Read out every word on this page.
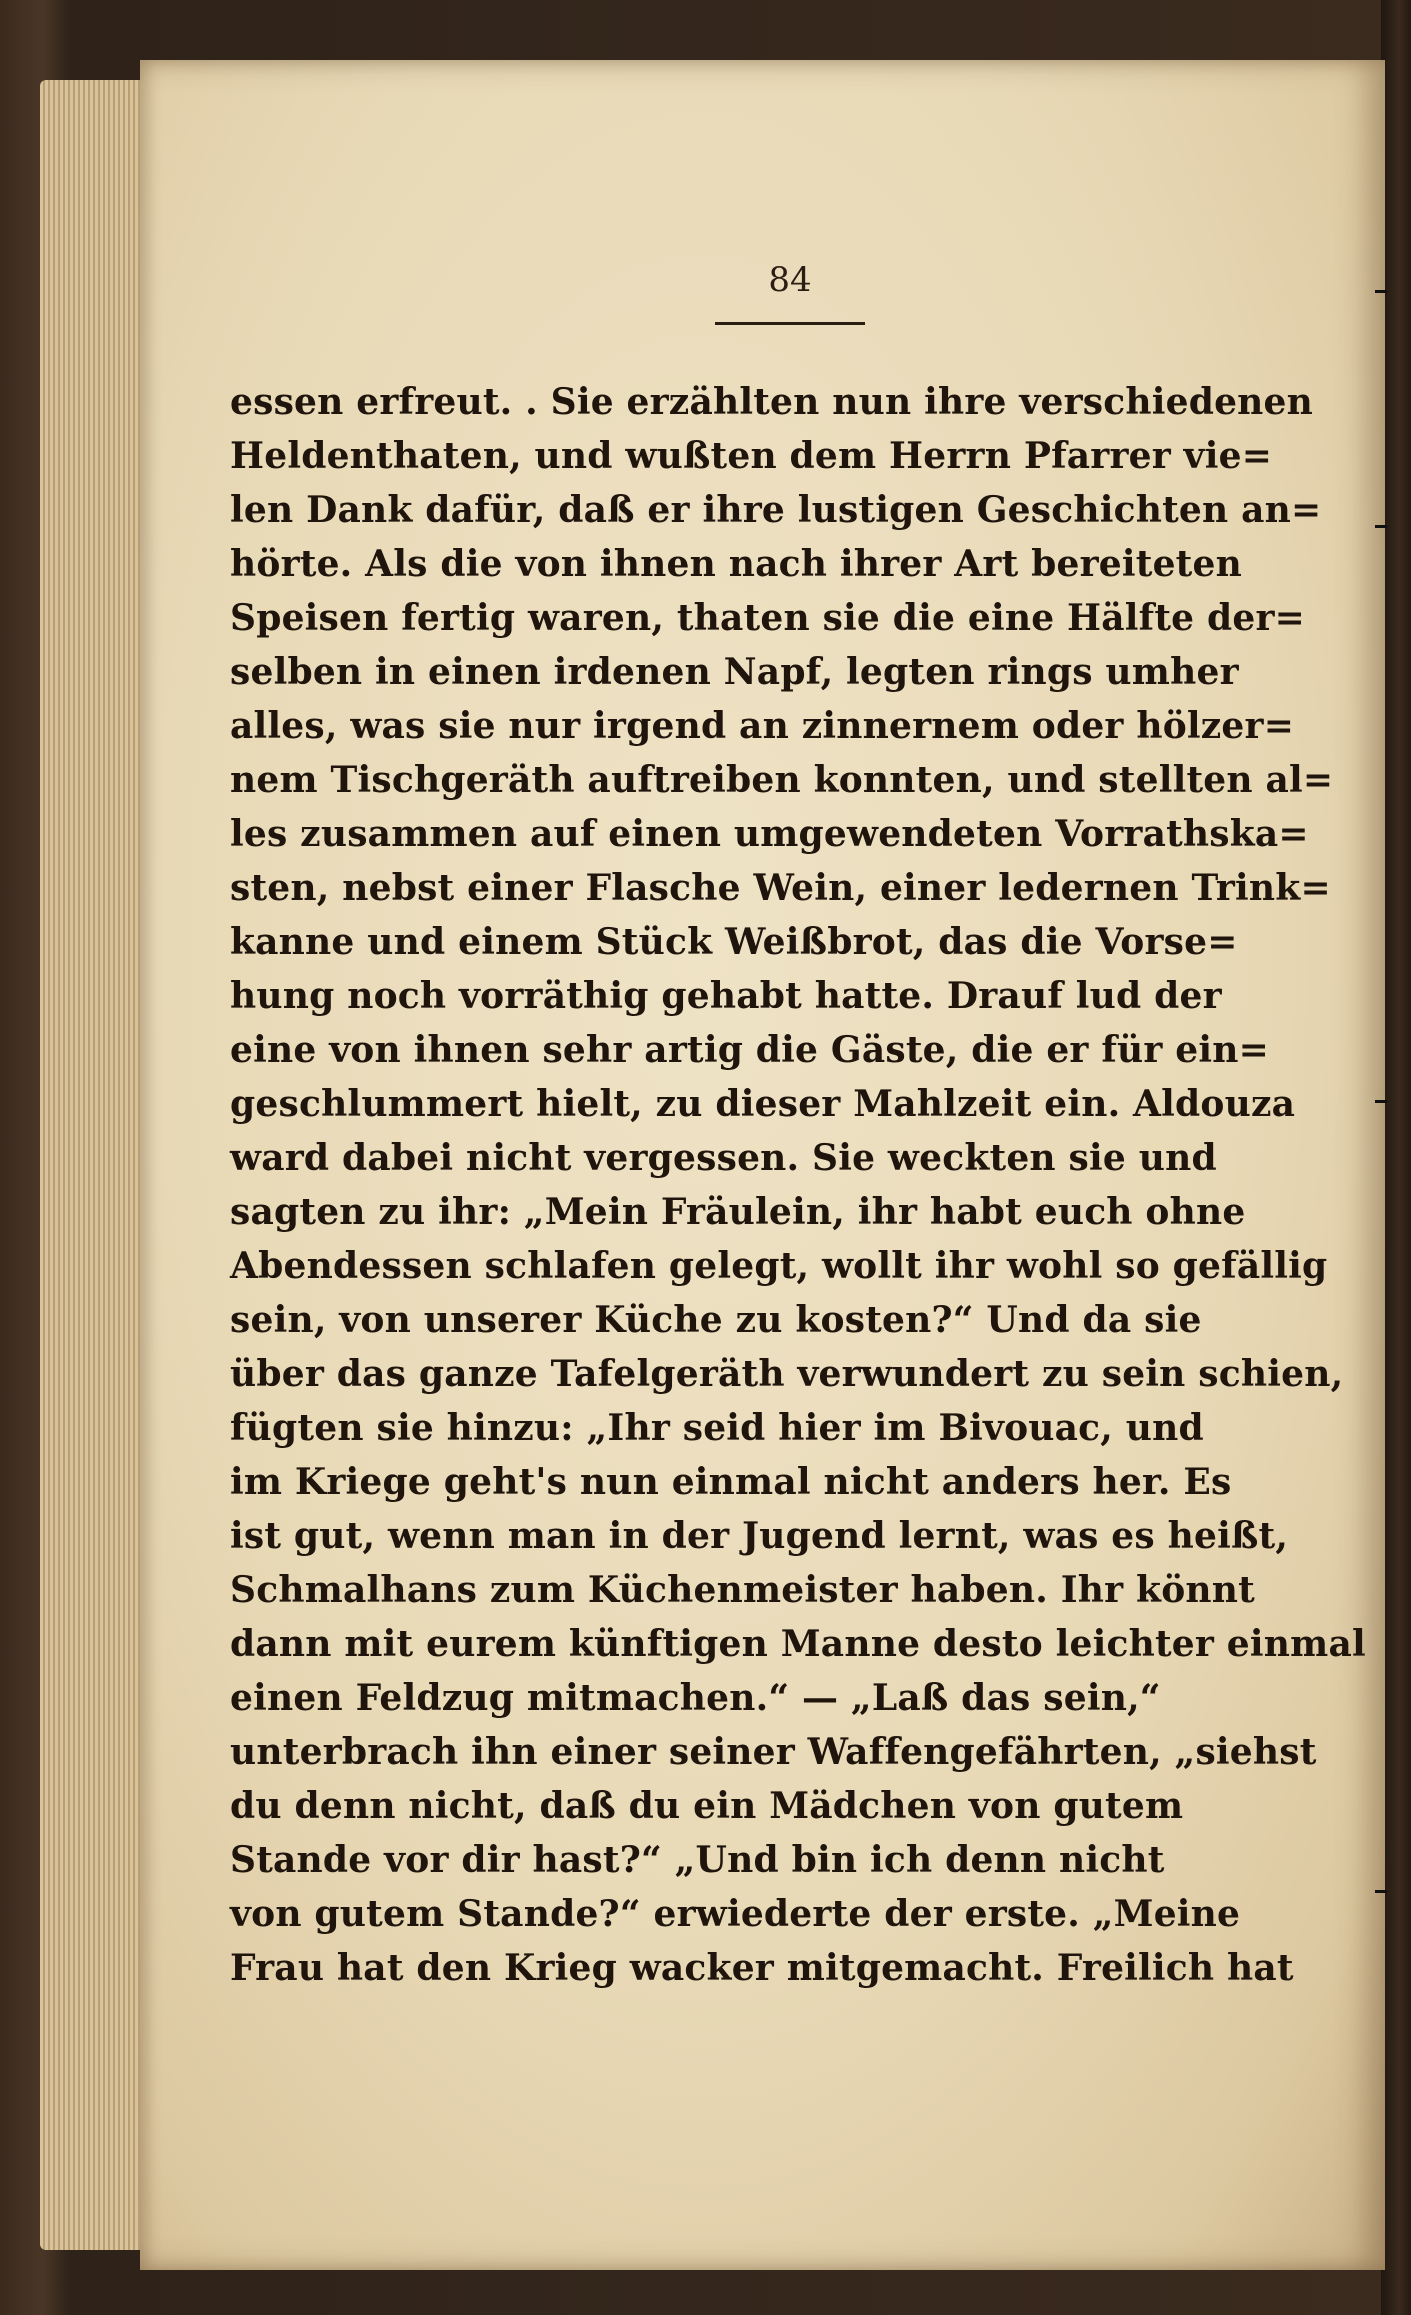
84
essen erfreut. . Sie erzählten nun ihre verschiedenen
Heldenthaten, und wußten dem Herrn Pfarrer vie=
len Dank dafür, daß er ihre lustigen Geschichten an=
hörte. Als die von ihnen nach ihrer Art bereiteten
Speisen fertig waren, thaten sie die eine Hälfte der=
selben in einen irdenen Napf, legten rings umher
alles, was sie nur irgend an zinnernem oder hölzer=
nem Tischgeräth auftreiben konnten, und stellten al=
les zusammen auf einen umgewendeten Vorrathska=
sten, nebst einer Flasche Wein, einer ledernen Trink=
kanne und einem Stück Weißbrot, das die Vorse=
hung noch vorräthig gehabt hatte. Drauf lud der
eine von ihnen sehr artig die Gäste, die er für ein=
geschlummert hielt, zu dieser Mahlzeit ein. Aldouza
ward dabei nicht vergessen. Sie weckten sie und
sagten zu ihr: „Mein Fräulein, ihr habt euch ohne
Abendessen schlafen gelegt, wollt ihr wohl so gefällig
sein, von unserer Küche zu kosten?“ Und da sie
über das ganze Tafelgeräth verwundert zu sein schien,
fügten sie hinzu: „Ihr seid hier im Bivouac, und
im Kriege geht's nun einmal nicht anders her. Es
ist gut, wenn man in der Jugend lernt, was es heißt,
Schmalhans zum Küchenmeister haben. Ihr könnt
dann mit eurem künftigen Manne desto leichter einmal
einen Feldzug mitmachen.“ — „Laß das sein,“
unterbrach ihn einer seiner Waffengefährten, „siehst
du denn nicht, daß du ein Mädchen von gutem
Stande vor dir hast?“ „Und bin ich denn nicht
von gutem Stande?“ erwiederte der erste. „Meine
Frau hat den Krieg wacker mitgemacht. Freilich hat
